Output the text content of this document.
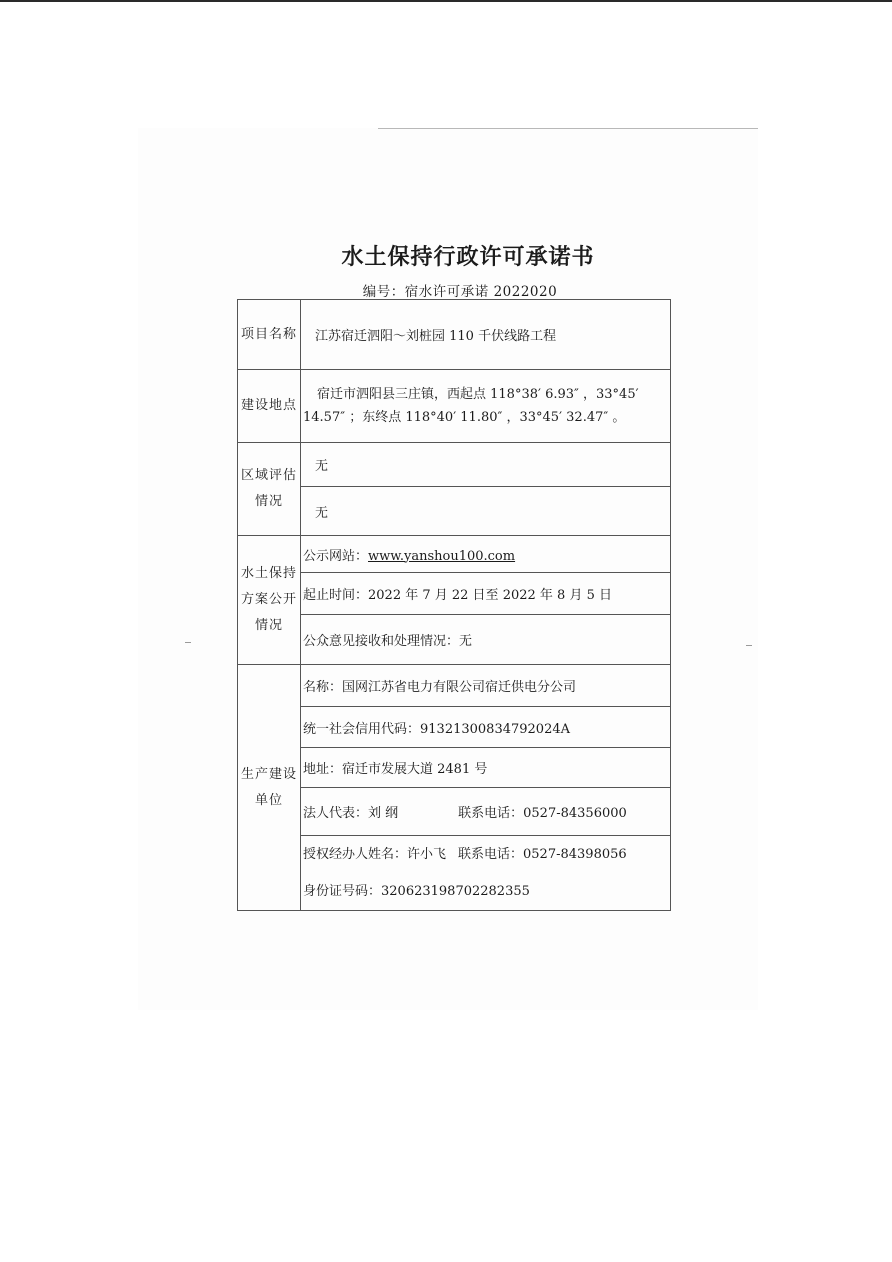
水土保持行政许可承诺书
编号：宿水许可承诺 2022020
项目名称	江苏宿迁泗阳～刘桩园 110 千伏线路工程
建设地点	宿迁市泗阳县三庄镇，西起点 118°38′ 6.93″ ，33°45′
14.57″ ；东终点 118°40′ 11.80″ ，33°45′ 32.47″ 。

区域评估
情况	无
	无

水土保持
方案公开
情况	公示网站：www.yanshou100.com
	起止时间：2022 年 7 月 22 日至 2022 年 8 月 5 日
	公众意见接收和处理情况：无

生产建设
单位	名称：国网江苏省电力有限公司宿迁供电分公司
	统一社会信用代码：91321300834792024A
	地址：宿迁市发展大道 2481 号
	法人代表：刘 纲 联系电话：0527-84356000

	授权经办人姓名：许小飞 联系电话：0527-84398056
身份证号码：320623198702282355
